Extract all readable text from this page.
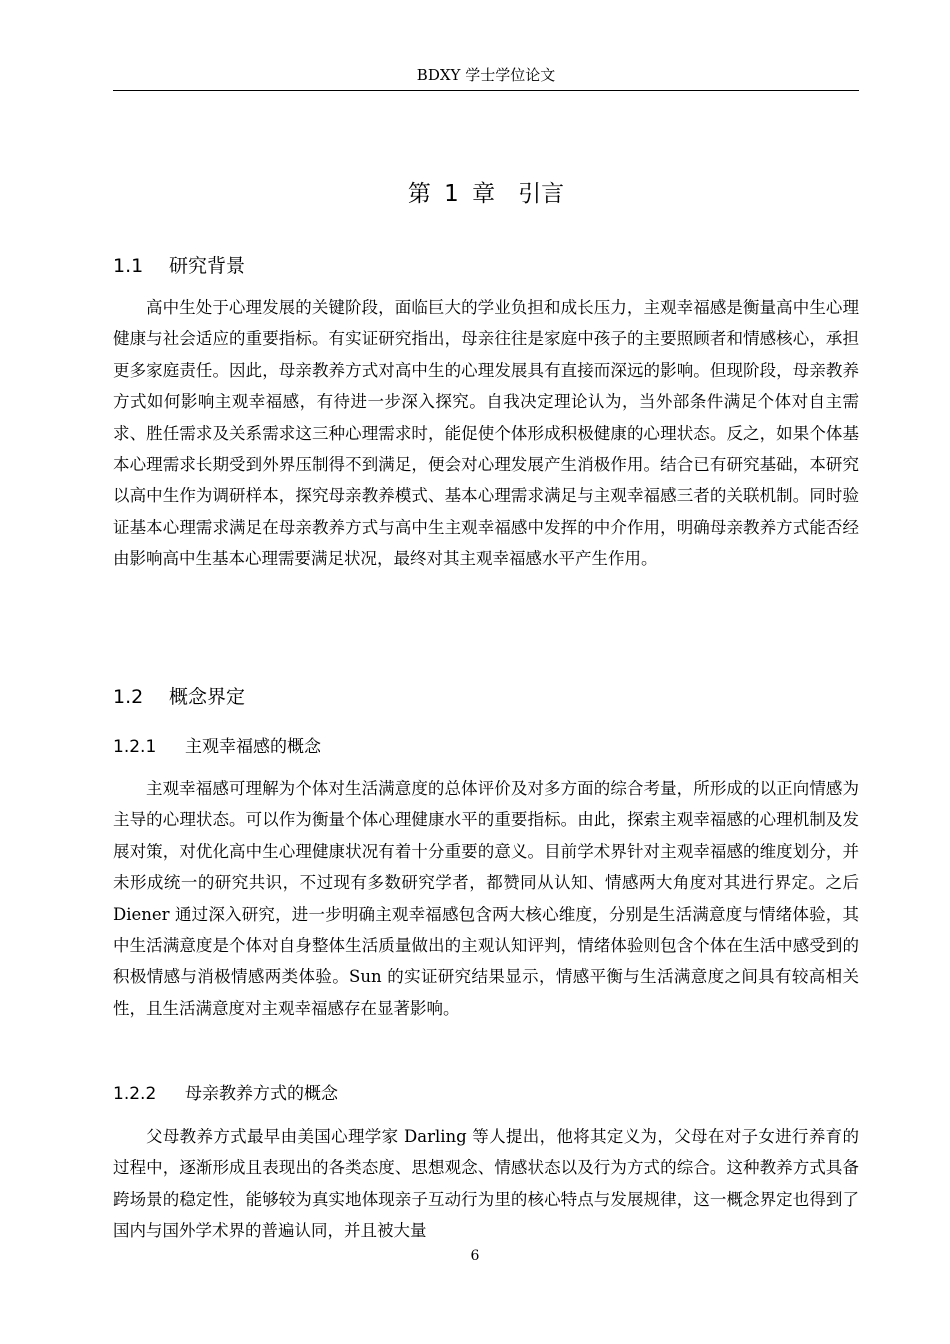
BDXY 学士学位论文
第 1 章　引言
1.1 研究背景

高中生处于心理发展的关键阶段，面临巨大的学业负担和成长压力，主观幸福感是衡量高中生心理健康与社会适应的重要指标。有实证研究指出，母亲往往是家庭中孩子的主要照顾者和情感核心，承担更多家庭责任。因此，母亲教养方式对高中生的心理发展具有直接而深远的影响。但现阶段，母亲教养方式如何影响主观幸福感，有待进一步深入探究。自我决定理论认为，当外部条件满足个体对自主需求、胜任需求及关系需求这三种心理需求时，能促使个体形成积极健康的心理状态。反之，如果个体基本心理需求长期受到外界压制得不到满足，便会对心理发展产生消极作用。结合已有研究基础，本研究以高中生作为调研样本，探究母亲教养模式、基本心理需求满足与主观幸福感三者的关联机制。同时验证基本心理需求满足在母亲教养方式与高中生主观幸福感中发挥的中介作用，明确母亲教养方式能否经由影响高中生基本心理需要满足状况，最终对其主观幸福感水平产生作用。

1.2 概念界定
1.2.1 主观幸福感的概念

主观幸福感可理解为个体对生活满意度的总体评价及对多方面的综合考量，所形成的以正向情感为主导的心理状态。可以作为衡量个体心理健康水平的重要指标。由此，探索主观幸福感的心理机制及发展对策，对优化高中生心理健康状况有着十分重要的意义。目前学术界针对主观幸福感的维度划分，并未形成统一的研究共识，不过现有多数研究学者，都赞同从认知、情感两大角度对其进行界定。之后 Diener 通过深入研究，进一步明确主观幸福感包含两大核心维度，分别是生活满意度与情绪体验，其中生活满意度是个体对自身整体生活质量做出的主观认知评判，情绪体验则包含个体在生活中感受到的积极情感与消极情感两类体验。Sun 的实证研究结果显示，情感平衡与生活满意度之间具有较高相关性，且生活满意度对主观幸福感存在显著影响。

1.2.2 母亲教养方式的概念

父母教养方式最早由美国心理学家 Darling 等人提出，他将其定义为，父母在对子女进行养育的过程中，逐渐形成且表现出的各类态度、思想观念、情感状态以及行为方式的综合。这种教养方式具备跨场景的稳定性，能够较为真实地体现亲子互动行为里的核心特点与发展规律，这一概念界定也得到了国内与国外学术界的普遍认同，并且被大量

6
